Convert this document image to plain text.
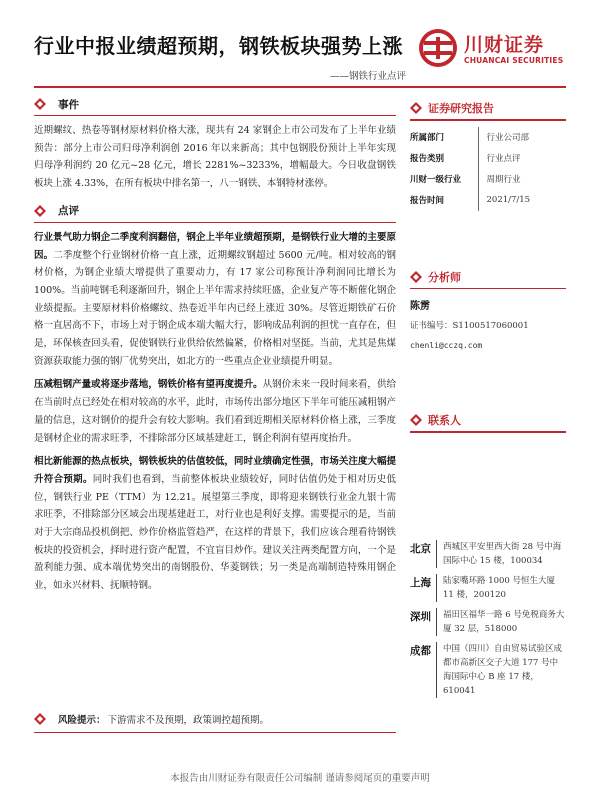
行业中报业绩超预期，钢铁板块强势上涨
——钢铁行业点评
川财证券
CHUANCAI SECURITIES
事件

近期螺纹、热卷等钢材原材料价格大涨，现共有 24 家钢企上市公司发布了上半年业绩预告：部分上市公司归母净利润创 2016 年以来新高；其中包钢股份预计上半年实现归母净利润约 20 亿元~28 亿元，增长 2281%~3233%，增幅最大。今日收盘钢铁板块上涨 4.33%，在所有板块中排名第一，八一钢铁、本钢特材涨停。

点评

行业景气助力钢企二季度利润翻倍，钢企上半年业绩超预期，是钢铁行业大增的主要原因。二季度整个行业钢材价格一直上涨，近期螺纹钢超过 5600 元/吨。相对较高的钢材价格，为钢企业绩大增提供了重要动力，有 17 家公司称预计净利润同比增长为 100%。当前吨钢毛利逐渐回升，钢企上半年需求持续旺盛，企业复产等不断催化钢企业绩提振。主要原材料价格螺纹、热卷近半年内已经上涨近 30%。尽管近期铁矿石价格一直居高不下，市场上对于钢企成本端大幅大行，影响成品利润的担忧一直存在，但是，环保核查回头看，促使钢铁行业供给依然偏紧，价格相对坚挺。当前，尤其是焦煤资源获取能力强的钢厂优势突出，如北方的一些重点企业业绩提升明显。

压减粗钢产量或将逐步落地，钢铁价格有望再度提升。从钢价未来一段时间来看，供给在当前时点已经处在相对较高的水平，此时，市场传出部分地区下半年可能压减粗钢产量的信息，这对钢价的提升会有较大影响。我们看到近期相关原材料价格上涨，三季度是钢材企业的需求旺季，不排除部分区域基建赶工，钢企利润有望再度抬升。

相比新能源的热点板块，钢铁板块的估值较低，同时业绩确定性强，市场关注度大幅提升符合预期。同时我们也看到，当前整体板块业绩较好，同时估值仍处于相对历史低位，钢铁行业 PE（TTM）为 12.21。展望第三季度，即将迎来钢铁行业金九银十需求旺季，不排除部分区域会出现基建赶工，对行业也是利好支撑。需要提示的是，当前对于大宗商品投机倒把、炒作价格监管趋严，在这样的背景下，我们应该合理看待钢铁板块的投资机会，择时进行资产配置，不宜盲目炒作。建议关注两类配置方向，一个是盈利能力强、成本端优势突出的南钢股份、华菱钢铁；另一类是高端制造特殊用钢企业，如永兴材料、抚顺特钢。

风险提示： 下游需求不及预期，政策调控超预期。
证券研究报告
所属部门	行业公司部
报告类别	行业点评
川财一级行业	周期行业
报告时间	2021/7/15
分析师
陈雳
证书编号：S1100517060001
chenli@cczq.com
联系人
北京	西城区平安里西大街 28 号中海国际中心 15 楼，100034
上海	陆家嘴环路 1000 号恒生大厦 11 楼，200120
深圳	福田区福华一路 6 号免税商务大厦 32 层，518000
成都	中国（四川）自由贸易试验区成都市高新区交子大道 177 号中海国际中心 B 座 17 楼，610041
本报告由川财证券有限责任公司编制 谨请参阅尾页的重要声明
